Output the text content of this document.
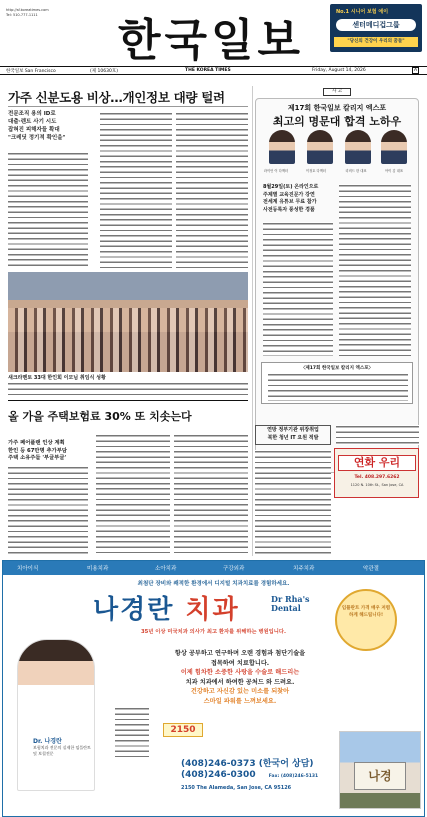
http://sf.koreatimes.com
Tel: 510-777-1111	한국일보
No.1 시니어 보험 에이
센터메디겁그룹
"당신의 건강이 우리의 꿈들"
한국일보 San Francisco	(제 10630호)	THE KOREA TIMES	Friday, August 14, 2026	A
가주 신분도용 비상…개인정보 대량 털려
전문조직 용의 ID로
대출·렌트 사기 시도
잡혀진 피해자들 확대
"크레딧 정기적 확인을"
새크라멘토 33대 한인회 이모님 취임식 성황
사 고
제17회 한국일보 칼리지 엑스포
최고의 명문대 합격 노하우
라이언 이 다핵터	이정호 다핵터	리비드 한 대표	아이 김 대표
8월29일(토) 온라인으로
주제별 교육진문가 강연
전세계 유튜브 무료 참가
사전등록자 풍성한 경품
〈제17회 한국일보 칼리지 엑스포〉
연방 정부기관 위장취업
북한 청년 IT 요원 적발
연화 우리
Tel. 408.297.6262
1120 N. 10th St., San Jose, CA
올 가을 주택보험료 30% 또 치솟는다
가주 페어플랜 인상 계획
한인 등 67만명 추가부담
주택 소유주들 '부글부글'
치아이식	미용치과	소아치과	구강외과	치주치과	악관절
최첨단 장비와 쾌적한 환경에서 디지털 치과치료를 경험하세요.
나경란 치과	Dr Rha's Dental	임플란트 가격 매우 저렴하게 해드립니다!
35년 이상 미국치과 의사가 최고 환자를 위해하는 병원입니다.
Dr. 나경란
보험치과 전문의 실제한 임플란트 및 보철전문
항상 공부하고 연구하며 오랜 경험과 첨단기술을
접목하여 치료합니다.
이제 힘차한 소중한 사랑을 수술로 해드리는
치과 치과에서 하여한 공처드 와 드려요.
건강하고 자신감 있는 미소를 되찾아
스마일 파워를 느껴보세요.
2150
(408)246-0373 (한국어 상담)
(408)246-0300	Fax: (408)246-5131
2150 The Alameda, San Jose, CA 95126
나경
